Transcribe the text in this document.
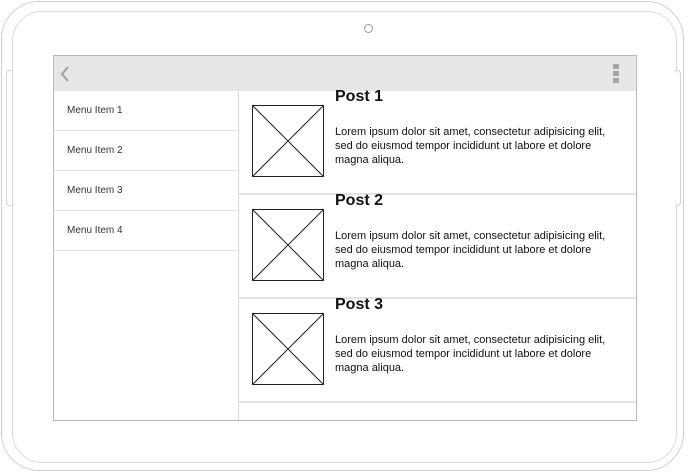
Menu Item 1
Menu Item 2
Menu Item 3
Menu Item 4
Post 1

Lorem ipsum dolor sit amet, consectetur adipisicing elit, sed do eiusmod tempor incididunt ut labore et dolore magna aliqua.

Post 2

Lorem ipsum dolor sit amet, consectetur adipisicing elit, sed do eiusmod tempor incididunt ut labore et dolore magna aliqua.

Post 3

Lorem ipsum dolor sit amet, consectetur adipisicing elit, sed do eiusmod tempor incididunt ut labore et dolore magna aliqua.
